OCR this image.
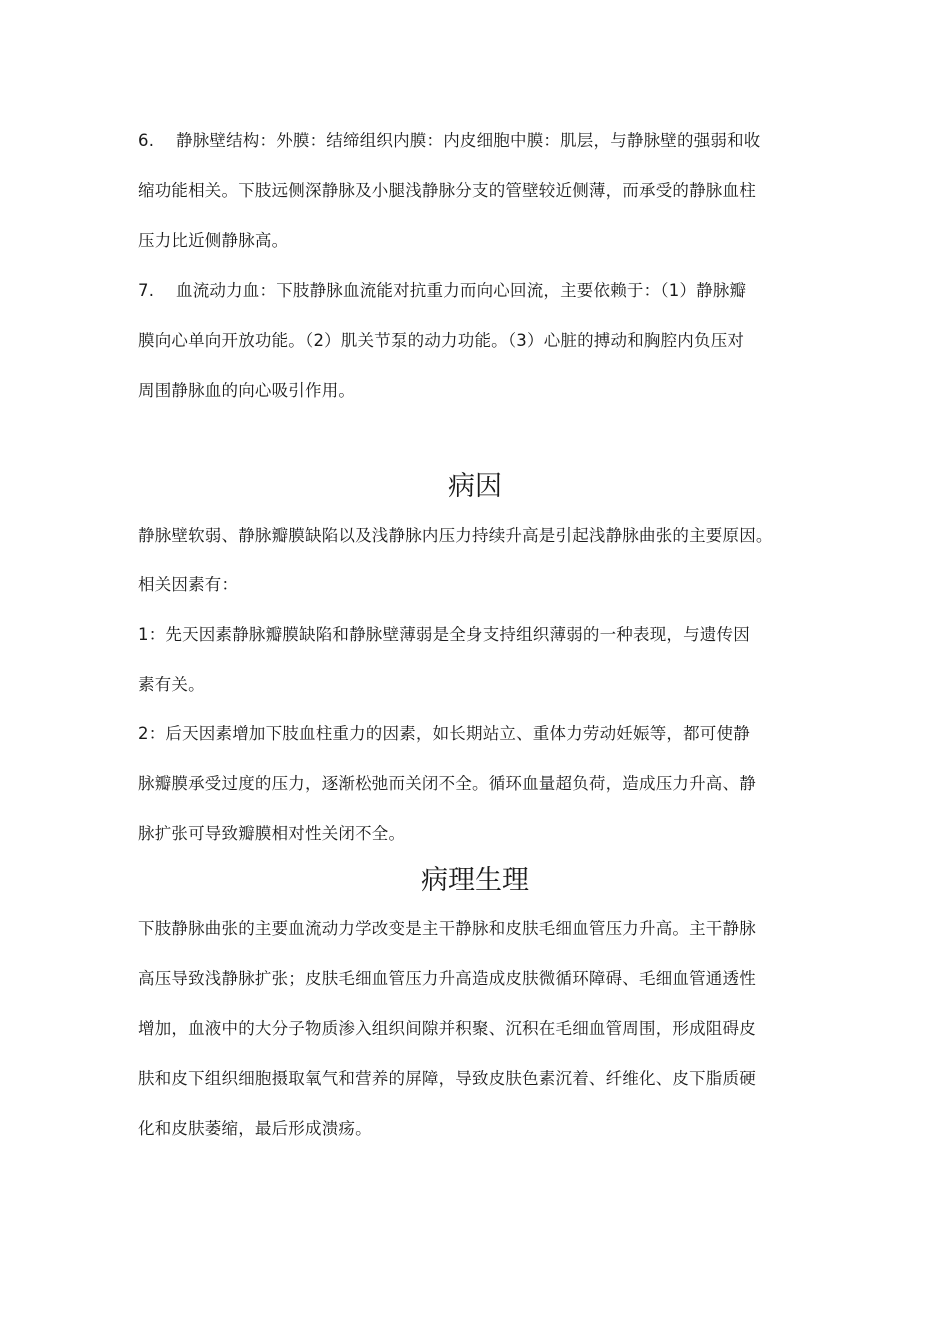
6. 静脉壁结构：外膜：结缔组织内膜：内皮细胞中膜：肌层，与静脉壁的强弱和收
缩功能相关。下肢远侧深静脉及小腿浅静脉分支的管壁较近侧薄，而承受的静脉血柱
压力比近侧静脉高。
7. 血流动力血：下肢静脉血流能对抗重力而向心回流，主要依赖于：（1）静脉瓣
膜向心单向开放功能。（2）肌关节泵的动力功能。（3）心脏的搏动和胸腔内负压对
周围静脉血的向心吸引作用。
病因
静脉壁软弱、静脉瓣膜缺陷以及浅静脉内压力持续升高是引起浅静脉曲张的主要原因。
相关因素有：
1：先天因素静脉瓣膜缺陷和静脉壁薄弱是全身支持组织薄弱的一种表现，与遗传因
素有关。
2：后天因素增加下肢血柱重力的因素，如长期站立、重体力劳动妊娠等，都可使静
脉瓣膜承受过度的压力，逐渐松弛而关闭不全。循环血量超负荷，造成压力升高、静
脉扩张可导致瓣膜相对性关闭不全。
病理生理
下肢静脉曲张的主要血流动力学改变是主干静脉和皮肤毛细血管压力升高。主干静脉
高压导致浅静脉扩张；皮肤毛细血管压力升高造成皮肤微循环障碍、毛细血管通透性
增加，血液中的大分子物质渗入组织间隙并积聚、沉积在毛细血管周围，形成阻碍皮
肤和皮下组织细胞摄取氧气和营养的屏障，导致皮肤色素沉着、纤维化、皮下脂质硬
化和皮肤萎缩，最后形成溃疡。
